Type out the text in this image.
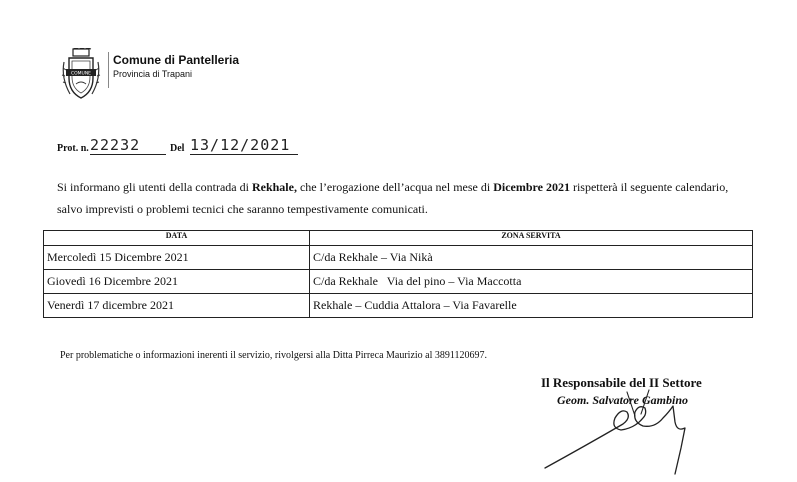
COMUNE
Comune di Pantelleria
Provincia di Trapani
Prot. n. 22232	Del 13/12/2021
Si informano gli utenti della contrada di Rekhale, che l’erogazione dell’acqua nel mese di Dicembre 2021 rispetterà il seguente calendario,
salvo imprevisti o problemi tecnici che saranno tempestivamente comunicati.
DATA	ZONA SERVITA
Mercoledì 15 Dicembre 2021	C/da Rekhale – Via Nikà
Giovedì 16 Dicembre 2021	C/da Rekhale   Via del pino – Via Maccotta
Venerdì 17 dicembre 2021	Rekhale – Cuddia Attalora – Via Favarelle
Per problematiche o informazioni inerenti il servizio, rivolgersi alla Ditta Pirreca Maurizio al 3891120697.
Il Responsabile del II Settore
Geom. Salvatore Gambino
